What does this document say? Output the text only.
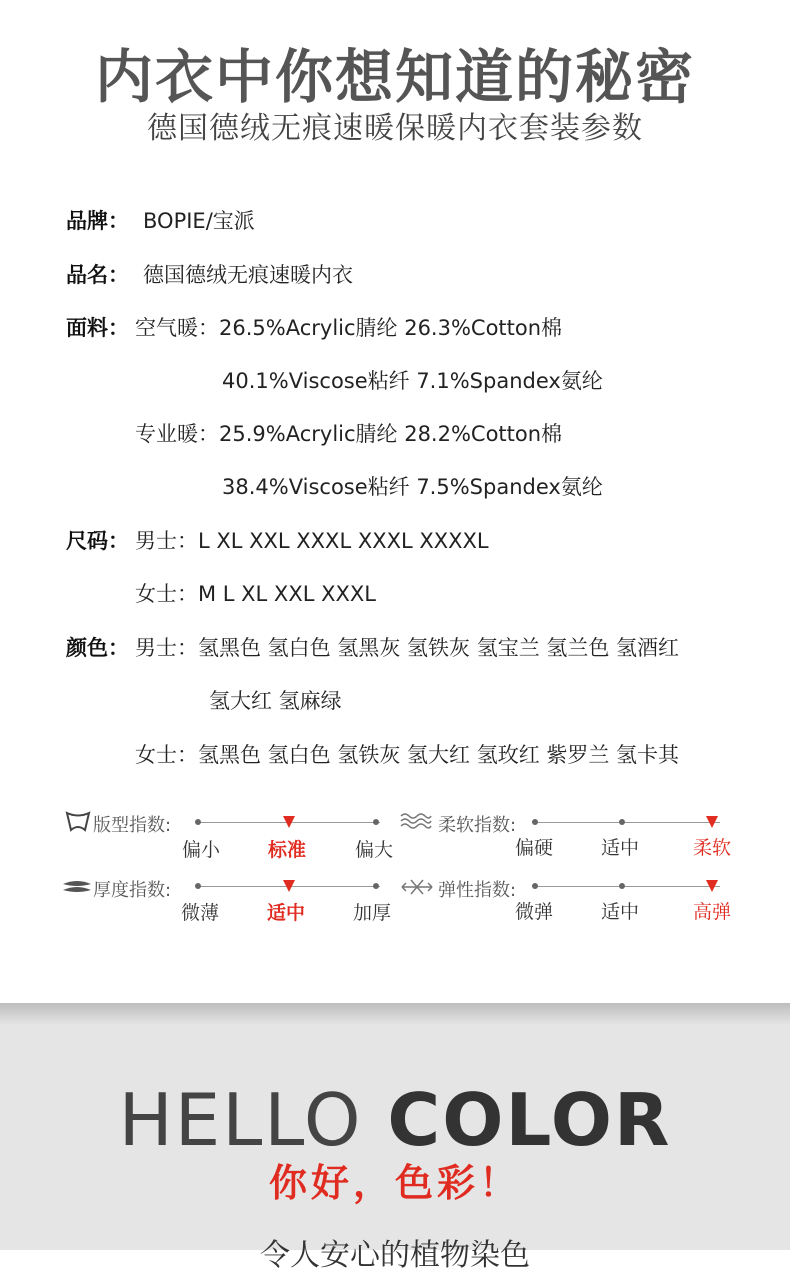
内衣中你想知道的秘密
德国德绒无痕速暖保暖内衣套装参数
品牌： BOPIE/宝派
品名： 德国德绒无痕速暖内衣
面料： 空气暖：26.5%Acrylic腈纶 26.3%Cotton棉
40.1%Viscose粘纤 7.1%Spandex氨纶
专业暖：25.9%Acrylic腈纶 28.2%Cotton棉
38.4%Viscose粘纤 7.5%Spandex氨纶
尺码： 男士：L XL XXL XXXL XXXL XXXXL
女士：M L XL XXL XXXL
颜色： 男士：氢黑色 氢白色 氢黑灰 氢铁灰 氢宝兰 氢兰色 氢酒红
氢大红 氢麻绿
女士：氢黑色 氢白色 氢铁灰 氢大红 氢玫红 紫罗兰 氢卡其
版型指数:
偏小	标准	偏大
柔软指数:
偏硬	适中	柔软
厚度指数:
微薄	适中	加厚
弹性指数:
微弹	适中	高弹
HELLO COLOR
你好，色彩！
令人安心的植物染色
